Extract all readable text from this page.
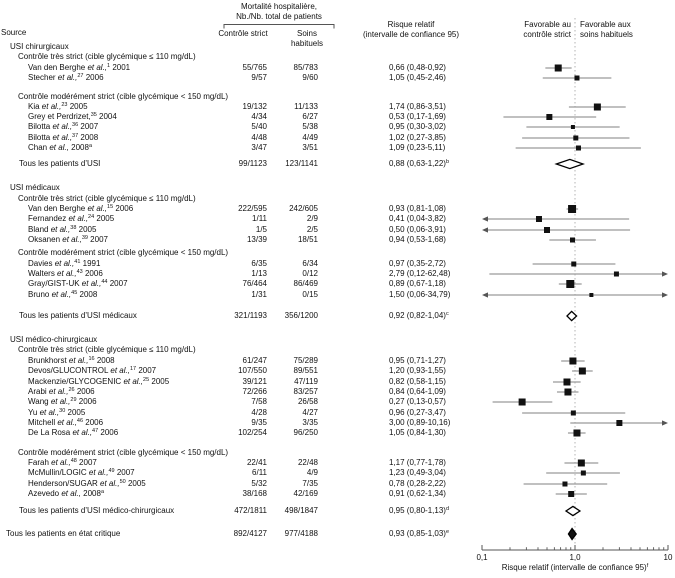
Mortalité hospitalière,
Nb./Nb. total de patients
Source	Contrôle strict	Soins
habituels
Risque relatif
(intervalle de confiance 95)
Favorable au
contrôle strict
Favorable aux
soins habituels
USI chirurgicaux
Contrôle très strict (cible glycémique ≤ 110 mg/dL)
Van den Berghe et al.,$^1$ 2001	55/765	85/783	0,66 (0,48-0,92)
Stecher et al.,$^{27}$ 2006	9/57	9/60	1,05 (0,45-2,46)
Contrôle modérément strict (cible glycémique < 150 mg/dL)
Kia et al.,$^{23}$ 2005	19/132	11/133	1,74 (0,86-3,51)
Grey et Perdrizet,$^{35}$ 2004	4/34	6/27	0,53 (0,17-1,69)
Bilotta et al.,$^{36}$ 2007	5/40	5/38	0,95 (0,30-3,02)
Bilotta et al.,$^{37}$ 2008	4/48	4/49	1,02 (0,27-3,85)
Chan et al., 2008$^a$	3/47	3/51	1,09 (0,23-5,11)
Tous les patients d’USI	99/1123	123/1141	0,88 $(0,63-1,22)^b$
USI médicaux
Contrôle très strict (cible glycémique ≤ 110 mg/dL)
Van den Berghe et al.,$^{15}$ 2006	222/595	242/605	0,93 (0,81-1,08)
Fernandez et al.,$^{24}$ 2005	1/11	2/9	0,41 (0,04-3,82)
Bland et al.,$^{38}$ 2005	1/5	2/5	0,50 (0,06-3,91)
Oksanen et al.,$^{39}$ 2007	13/39	18/51	0,94 (0,53-1,68)
Contrôle modérément strict (cible glycémique < 150 mg/dL)
Davies et al.,$^{41}$ 1991	6/35	6/34	0,97 (0,35-2,72)
Walters et al.,$^{43}$ 2006	1/13	0/12	2,79 (0,12-62,48)
Gray/GIST-UK et al.,$^{44}$ 2007	76/464	86/469	0,89 (0,67-1,18)
Bruno et al.,$^{45}$ 2008	1/31	0/15	1,50 (0,06-34,79)
Tous les patients d’USI médicaux	321/1193	356/1200	0,92 $(0,82-1,04)^c$
USI médico-chirurgicaux
Contrôle très strict (cible glycémique ≤ 110 mg/dL)
Brunkhorst et al.,$^{16}$ 2008	61/247	75/289	0,95 (0,71-1,27)
Devos/GLUCONTROL et al.,$^{17}$ 2007	107/550	89/551	1,20 (0,93-1,55)
Mackenzie/GLYCOGENIC et al.,$^{25}$ 2005	39/121	47/119	0,82 (0,58-1,15)
Arabi et al.,$^{26}$ 2006	72/266	83/257	0,84 (0,64-1,09)
Wang et al.,$^{29}$ 2006	7/58	26/58	0,27 (0,13-0,57)
Yu et al.,$^{30}$ 2005	4/28	4/27	0,96 (0,27-3,47)
Mitchell et al.,$^{46}$ 2006	9/35	3/35	3,00 (0,89-10,16)
De La Rosa et al.,$^{47}$ 2006	102/254	96/250	1,05 (0,84-1,30)
Contrôle modérément strict (cible glycémique < 150 mg/dL)
Farah et al.,$^{48}$ 2007	22/41	22/48	1,17 (0,77-1,78)
McMullin/LOGIC et al.,$^{49}$ 2007	6/11	4/9	1,23 (0,49-3,04)
Henderson/SUGAR et al.,$^{50}$ 2005	5/32	7/35	0,78 (0,28-2,22)
Azevedo et al., 2008$^a$	38/168	42/169	0,91 (0,62-1,34)
Tous les patients d’USI médico-chirurgicaux	472/1811	498/1847	0,95 $(0,80-1,13)^d$
Tous les patients en état critique	892/4127	977/4188	0,93 $(0,85-1,03)^e$
0,1	1,0	10
Risque relatif (intervalle de confiance 95)$^f$
